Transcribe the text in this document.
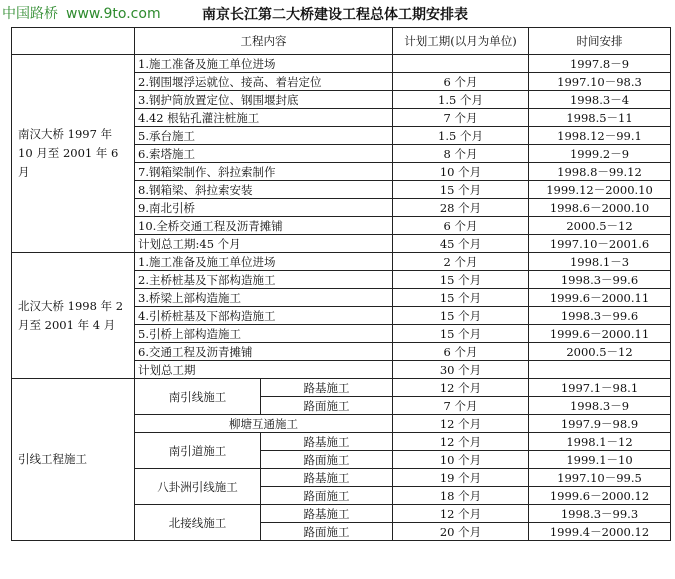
中国路桥 www.9to.com	南京长江第二大桥建设工程总体工期安排表
	工程内容		计划工期(以月为单位)	时间安排
南汉大桥 1997 年 10 月至 2001 年 6 月	1.施工准备及施工单位进场			1997.8－9
	2.钢围堰浮运就位、接高、着岩定位		6 个月	1997.10－98.3
	3.钢护筒放置定位、钢围堰封底		1.5 个月	1998.3－4
	4.42 根钻孔灌注桩施工		7 个月	1998.5－11
	5.承台施工		1.5 个月	1998.12－99.1
	6.索塔施工		8 个月	1999.2－9
	7.钢箱梁制作、斜拉索制作		10 个月	1998.8－99.12
	8.钢箱梁、斜拉索安装		15 个月	1999.12－2000.10
	9.南北引桥		28 个月	1998.6－2000.10
	10.全桥交通工程及沥青摊铺		6 个月	2000.5－12
	计划总工期:45 个月		45 个月	1997.10－2001.6
北汉大桥 1998 年 2 月至 2001 年 4 月	1.施工准备及施工单位进场		2 个月	1998.1－3
	2.主桥桩基及下部构造施工		15 个月	1998.3－99.6
	3.桥梁上部构造施工		15 个月	1999.6－2000.11
	4.引桥桩基及下部构造施工		15 个月	1998.3－99.6
	5.引桥上部构造施工		15 个月	1999.6－2000.11
	6.交通工程及沥青摊铺		6 个月	2000.5－12
	计划总工期		30 个月	
引线工程施工	南引线施工	路基施工	12 个月	1997.1－98.1
		路面施工	7 个月	1998.3－9
	柳塘互通施工		12 个月	1997.9－98.9
	南引道施工	路基施工	12 个月	1998.1－12
		路面施工	10 个月	1999.1－10
	八卦洲引线施工	路基施工	19 个月	1997.10－99.5
		路面施工	18 个月	1999.6－2000.12
	北接线施工	路基施工	12 个月	1998.3－99.3
		路面施工	20 个月	1999.4－2000.12
